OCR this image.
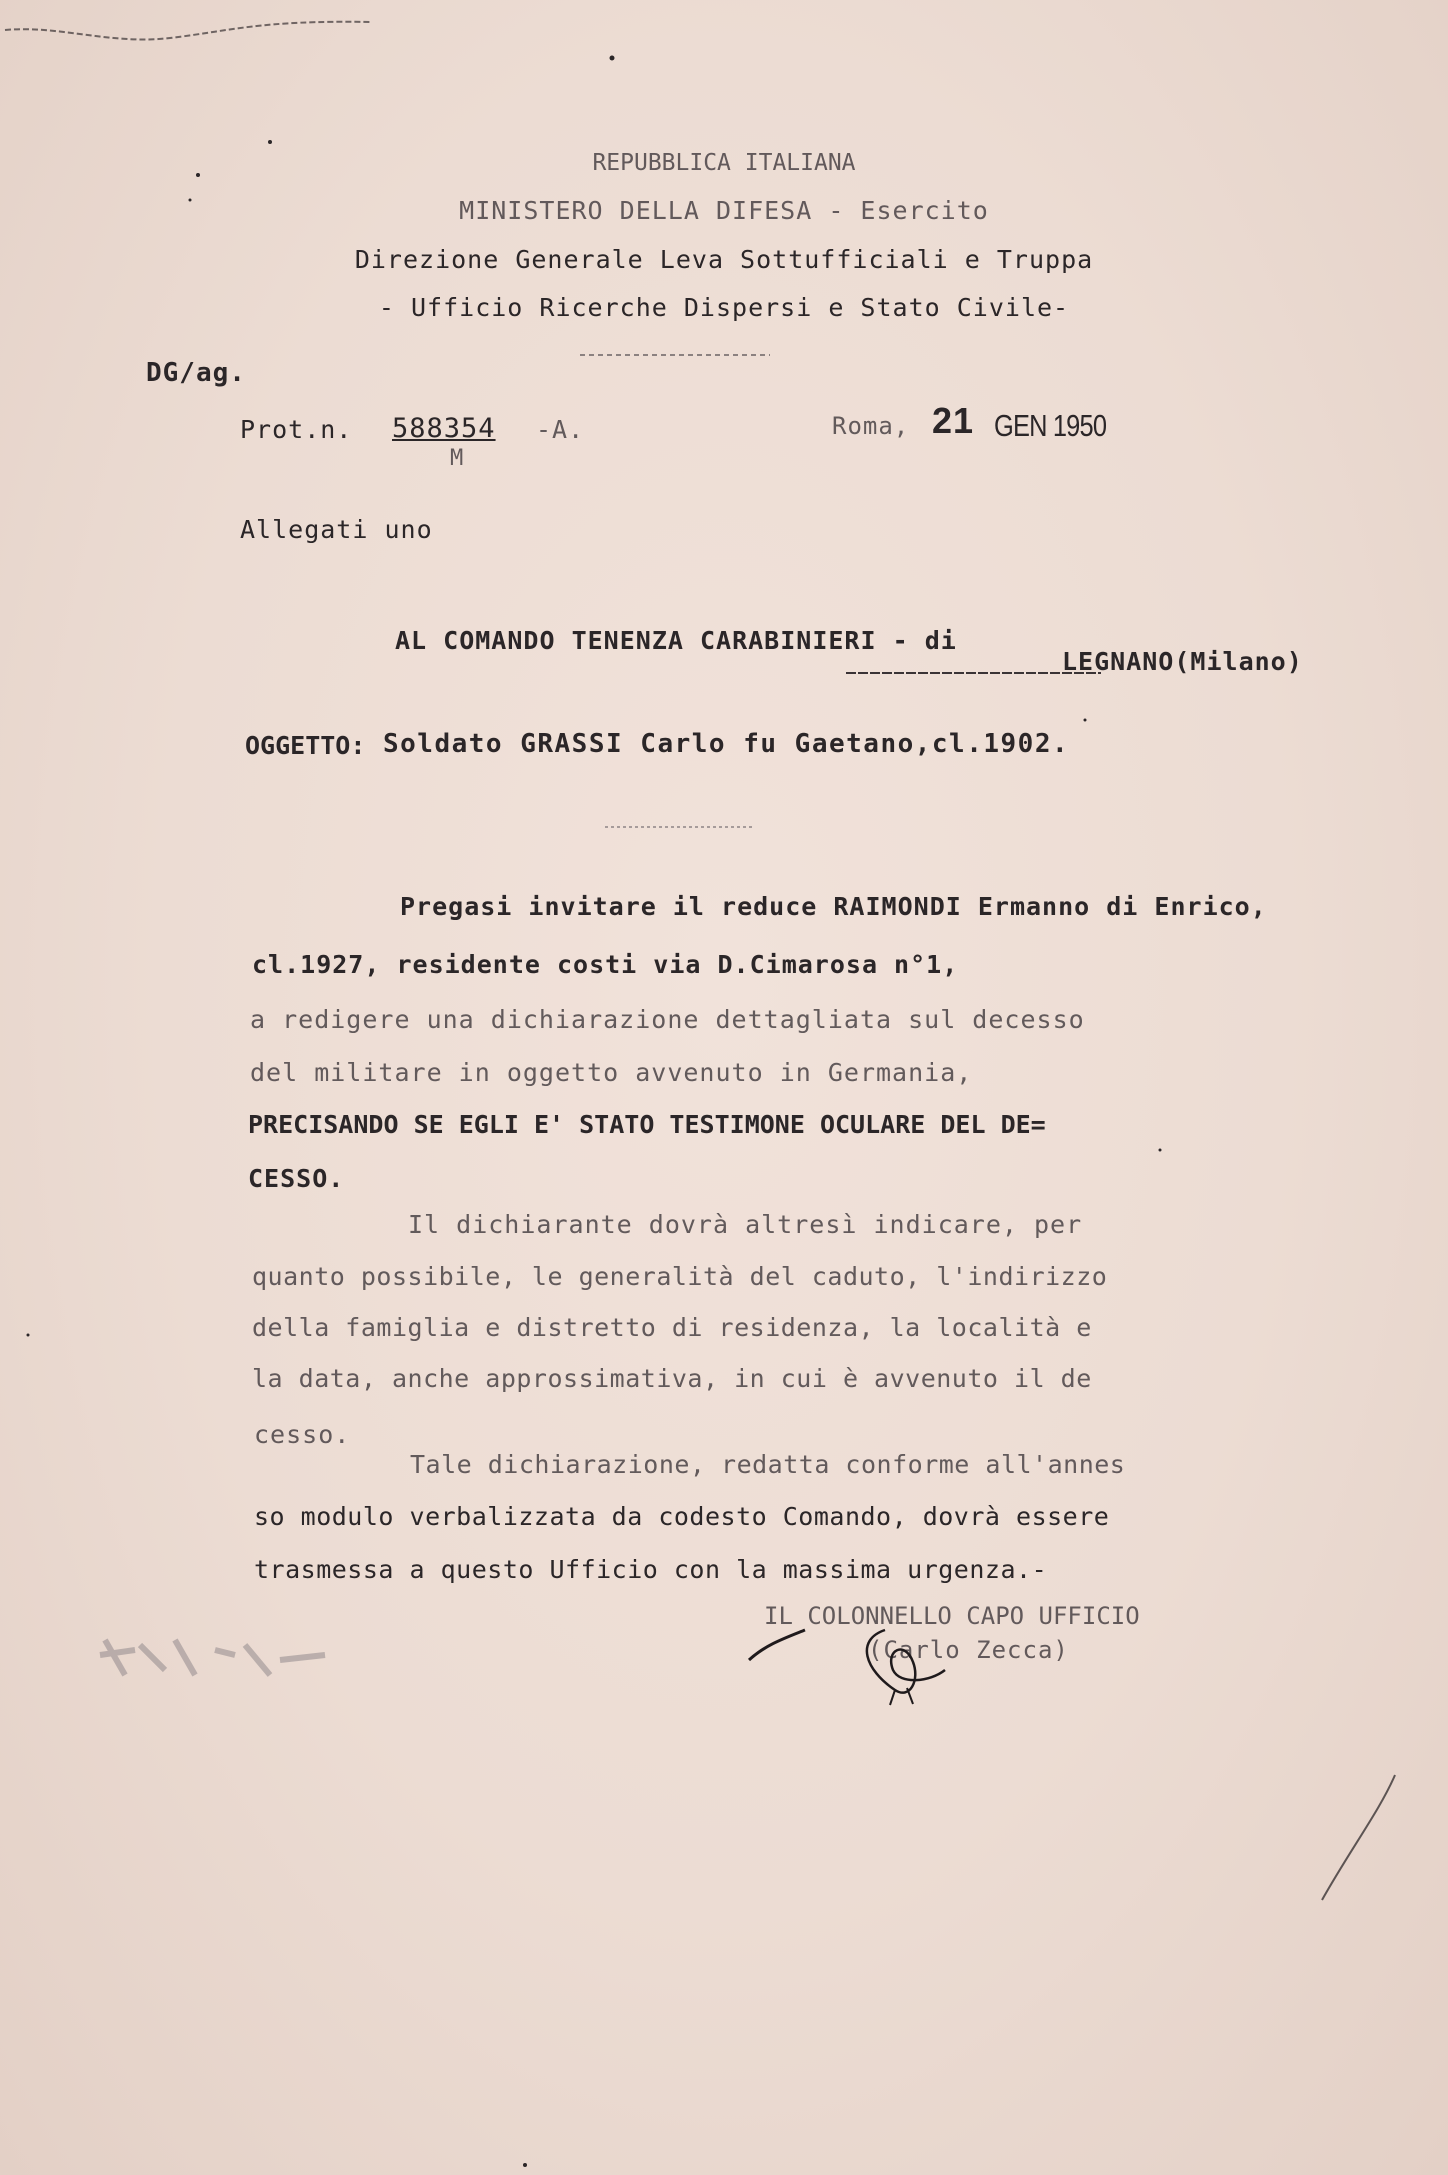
REPUBBLICA ITALIANA
MINISTERO DELLA DIFESA - Esercito
Direzione Generale Leva Sottufficiali e Truppa
- Ufficio Ricerche Dispersi e Stato Civile-
DG/ag.
Prot.n. 588354 -A.
M
Roma, 21 GEN 1950
Allegati uno
AL COMANDO TENENZA CARABINIERI - di
LEGNANO(Milano)
OGGETTO: Soldato GRASSI Carlo fu Gaetano,cl.1902.
Pregasi invitare il reduce RAIMONDI Ermanno di Enrico,
cl.1927, residente costi via D.Cimarosa n°1,
a redigere una dichiarazione dettagliata sul decesso
del militare in oggetto avvenuto in Germania,
PRECISANDO SE EGLI E' STATO TESTIMONE OCULARE DEL DE=
CESSO.
Il dichiarante dovrà altresì indicare, per
quanto possibile, le generalità del caduto, l'indirizzo
della famiglia e distretto di residenza, la località e
la data, anche approssimativa, in cui è avvenuto il de
cesso.
Tale dichiarazione, redatta conforme all'annes
so modulo verbalizzata da codesto Comando, dovrà essere
trasmessa a questo Ufficio con la massima urgenza.-
IL COLONNELLO CAPO UFFICIO
(Carlo Zecca)
